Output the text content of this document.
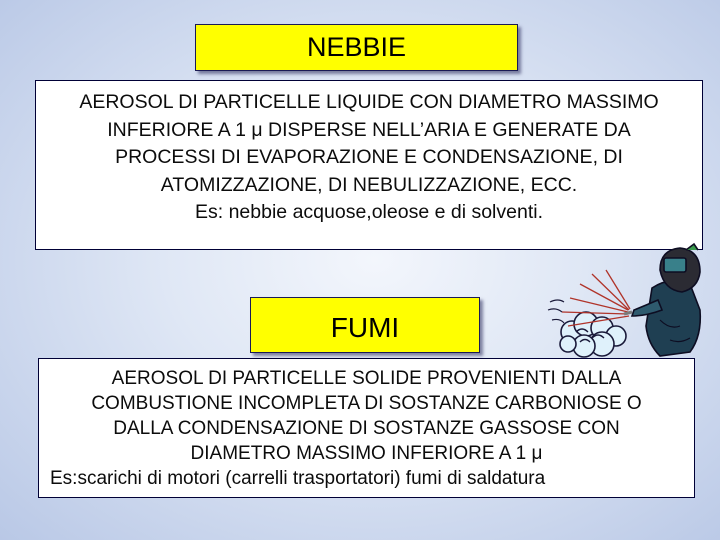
NEBBIE
AEROSOL DI PARTICELLE LIQUIDE CON DIAMETRO MASSIMO
INFERIORE A 1 μ DISPERSE NELL’ARIA E GENERATE DA
PROCESSI DI EVAPORAZIONE E CONDENSAZIONE, DI
ATOMIZZAZIONE, DI NEBULIZZAZIONE, ECC.
Es: nebbie acquose,oleose e di solventi.
FUMI
AEROSOL DI PARTICELLE SOLIDE PROVENIENTI DALLA
COMBUSTIONE INCOMPLETA DI SOSTANZE CARBONIOSE O
DALLA CONDENSAZIONE DI SOSTANZE GASSOSE CON
DIAMETRO MASSIMO INFERIORE A 1 μ
Es:scarichi di motori (carrelli trasportatori) fumi di saldatura
